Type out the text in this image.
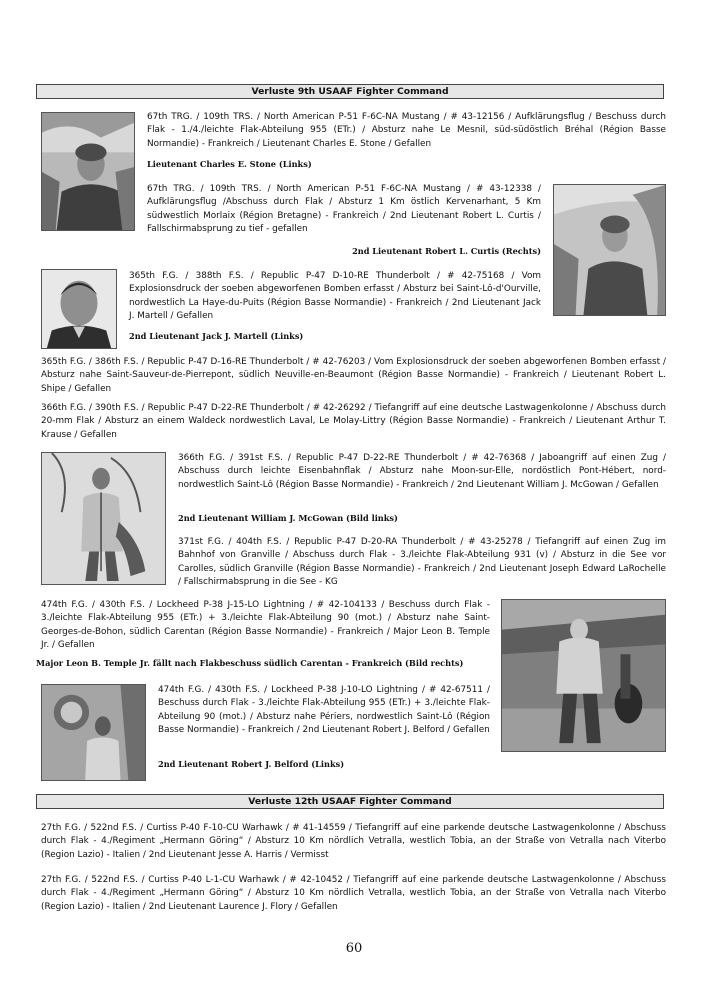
Verluste 9th USAAF Fighter Command

67th TRG. / 109th TRS. / North American P-51 F-6C-NA Mustang / # 43-12156 / Aufklärungsflug / Beschuss durch Flak - 1./4./leichte Flak-Abteilung 955 (ETr.) / Absturz nahe Le Mesnil, süd-südöstlich Bréhal (Région Basse Normandie) - Frankreich / Lieutenant Charles E. Stone / Gefallen

Lieutenant Charles E. Stone (Links)

67th TRG. / 109th TRS. / North American P-51 F-6C-NA Mustang / # 43-12338 / Aufklärungsflug /Abschuss durch Flak / Absturz 1 Km östlich Kervenarhant, 5 Km südwestlich Morlaix (Région Bretagne) - Frankreich / 2nd Lieutenant Robert L. Curtis / Fallschirmabsprung zu tief - gefallen

2nd Lieutenant Robert L. Curtis (Rechts)

365th F.G. / 388th F.S. / Republic P-47 D-10-RE Thunderbolt / # 42-75168 / Vom Explosionsdruck der soeben abgeworfenen Bomben erfasst / Absturz bei Saint-Lô-d'Ourville, nordwestlich La Haye-du-Puits (Région Basse Normandie) - Frankreich / 2nd Lieutenant Jack J. Martell / Gefallen

2nd Lieutenant Jack J. Martell (Links)

365th F.G. / 386th F.S. / Republic P-47 D-16-RE Thunderbolt / # 42-76203 / Vom Explosionsdruck der soeben abgeworfenen Bomben erfasst / Absturz nahe Saint-Sauveur-de-Pierrepont, südlich Neuville-en-Beaumont (Région Basse Normandie) - Frankreich / Lieutenant Robert L. Shipe / Gefallen

366th F.G. / 390th F.S. / Republic P-47 D-22-RE Thunderbolt / # 42-26292 / Tiefangriff auf eine deutsche Lastwagenkolonne / Abschuss durch 20-mm Flak / Absturz an einem Waldeck nordwestlich Laval, Le Molay-Littry (Région Basse Normandie) - Frankreich / Lieutenant Arthur T. Krause / Gefallen

366th F.G. / 391st F.S. / Republic P-47 D-22-RE Thunderbolt / # 42-76368 / Jaboangriff auf einen Zug / Abschuss durch leichte Eisenbahnflak / Absturz nahe Moon-sur-Elle, nordöstlich Pont-Hébert, nord-nordwestlich Saint-Lô (Région Basse Normandie) - Frankreich / 2nd Lieutenant William J. McGowan / Gefallen

2nd Lieutenant William J. McGowan (Bild links)

371st F.G. / 404th F.S. / Republic P-47 D-20-RA Thunderbolt / # 43-25278 / Tiefangriff auf einen Zug im Bahnhof von Granville / Abschuss durch Flak - 3./leichte Flak-Abteilung 931 (v) / Absturz in die See vor Carolles, südlich Granville (Région Basse Normandie) - Frankreich / 2nd Lieutenant Joseph Edward LaRochelle / Fallschirmabsprung in die See - KG

474th F.G. / 430th F.S. / Lockheed P-38 J-15-LO Lightning / # 42-104133 / Beschuss durch Flak - 3./leichte Flak-Abteilung 955 (ETr.) + 3./leichte Flak-Abteilung 90 (mot.) / Absturz nahe Saint-Georges-de-Bohon, südlich Carentan (Région Basse Normandie) - Frankreich / Major Leon B. Temple Jr. / Gefallen

Major Leon B. Temple Jr. fällt nach Flakbeschuss südlich Carentan - Frankreich (Bild rechts)

474th F.G. / 430th F.S. / Lockheed P-38 J-10-LO Lightning / # 42-67511 / Beschuss durch Flak - 3./leichte Flak-Abteilung 955 (ETr.) + 3./leichte Flak-Abteilung 90 (mot.) / Absturz nahe Périers, nordwestlich Saint-Lô (Région Basse Normandie) - Frankreich / 2nd Lieutenant Robert J. Belford / Gefallen

2nd Lieutenant Robert J. Belford (Links)

Verluste 12th USAAF Fighter Command

27th F.G. / 522nd F.S. / Curtiss P-40 F-10-CU Warhawk / # 41-14559 / Tiefangriff auf eine parkende deutsche Lastwagenkolonne / Abschuss durch Flak - 4./Regiment „Hermann Göring“ / Absturz 10 Km nördlich Vetralla, westlich Tobia, an der Straße von Vetralla nach Viterbo (Region Lazio) - Italien / 2nd Lieutenant Jesse A. Harris / Vermisst

27th F.G. / 522nd F.S. / Curtiss P-40 L-1-CU Warhawk / # 42-10452 / Tiefangriff auf eine parkende deutsche Lastwagenkolonne / Abschuss durch Flak - 4./Regiment „Hermann Göring“ / Absturz 10 Km nördlich Vetralla, westlich Tobia, an der Straße von Vetralla nach Viterbo (Region Lazio) - Italien / 2nd Lieutenant Laurence J. Flory / Gefallen

60
